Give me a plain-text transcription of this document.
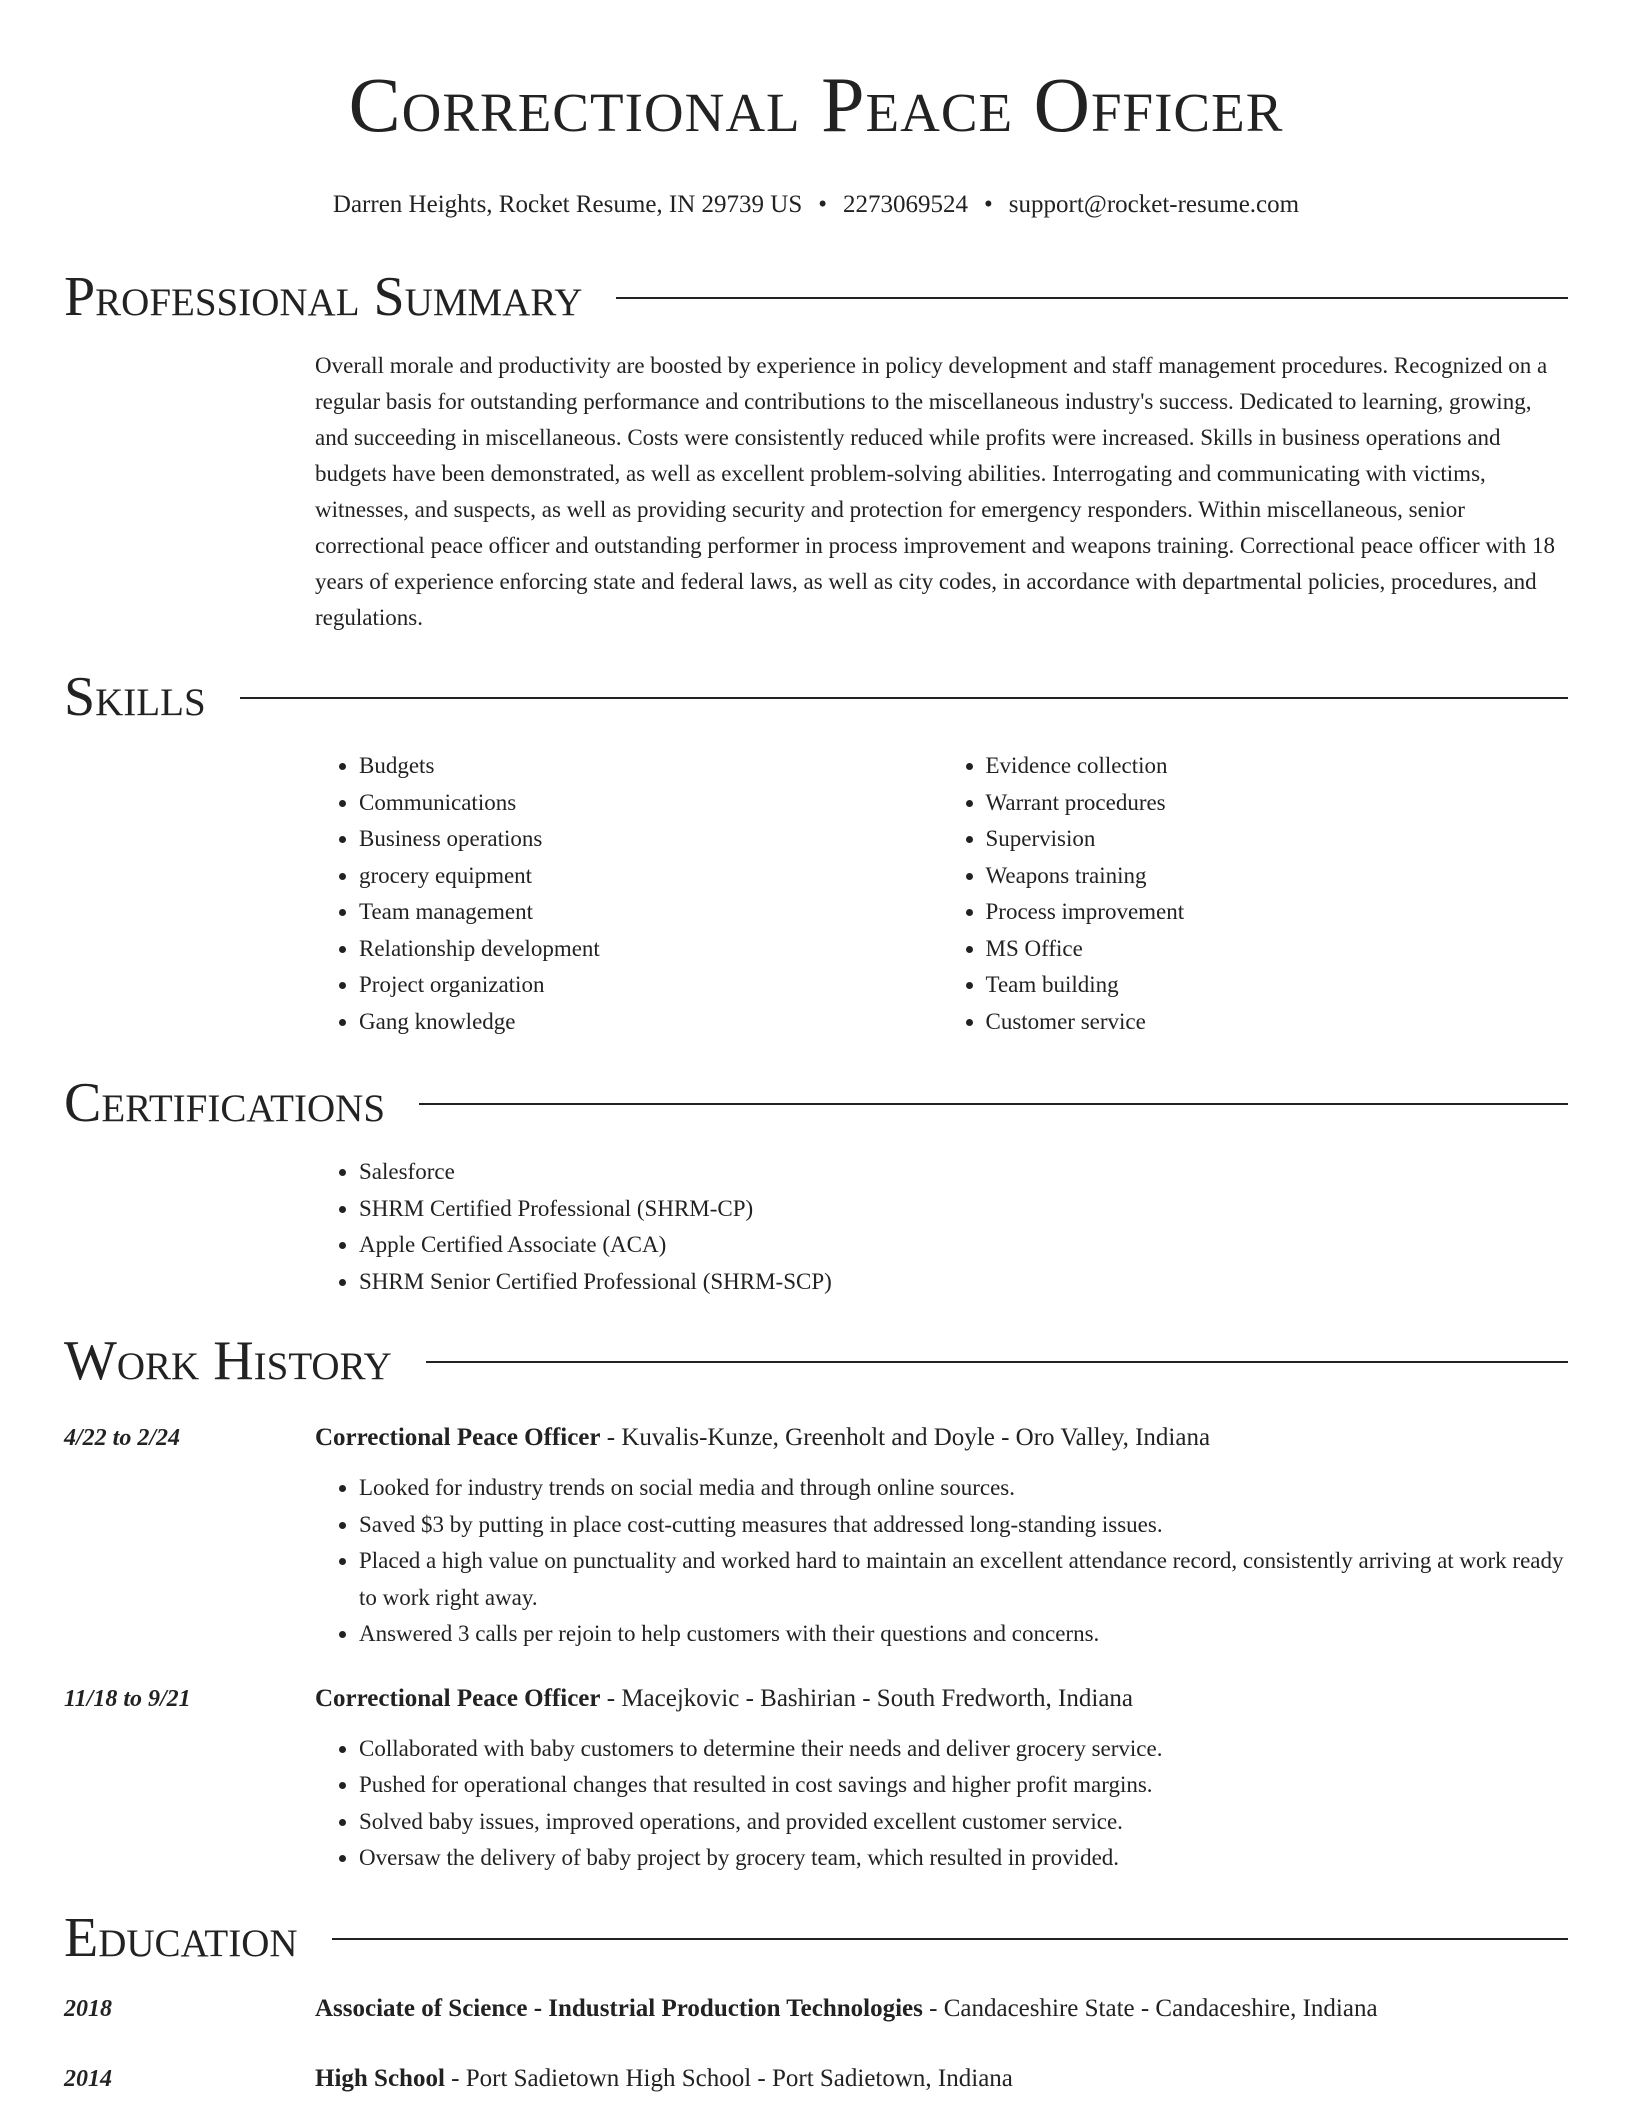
Correctional Peace Officer
Darren Heights, Rocket Resume, IN 29739 US • 2273069524 • support@rocket-resume.com
Professional Summary
Overall morale and productivity are boosted by experience in policy development and staff management procedures. Recognized on a regular basis for outstanding performance and contributions to the miscellaneous industry's success. Dedicated to learning, growing, and succeeding in miscellaneous. Costs were consistently reduced while profits were increased. Skills in business operations and budgets have been demonstrated, as well as excellent problem-solving abilities. Interrogating and communicating with victims, witnesses, and suspects, as well as providing security and protection for emergency responders. Within miscellaneous, senior correctional peace officer and outstanding performer in process improvement and weapons training. Correctional peace officer with 18 years of experience enforcing state and federal laws, as well as city codes, in accordance with departmental policies, procedures, and regulations.
Skills
• Budgets
• Communications
• Business operations
• grocery equipment
• Team management
• Relationship development
• Project organization
• Gang knowledge
• Evidence collection
• Warrant procedures
• Supervision
• Weapons training
• Process improvement
• MS Office
• Team building
• Customer service
Certifications
• Salesforce
• SHRM Certified Professional (SHRM-CP)
• Apple Certified Associate (ACA)
• SHRM Senior Certified Professional (SHRM-SCP)
Work History
4/22 to 2/24	Correctional Peace Officer - Kuvalis-Kunze, Greenholt and Doyle - Oro Valley, Indiana
• Looked for industry trends on social media and through online sources.
• Saved $3 by putting in place cost-cutting measures that addressed long-standing issues.
• Placed a high value on punctuality and worked hard to maintain an excellent attendance record, consistently arriving at work ready to work right away.
• Answered 3 calls per rejoin to help customers with their questions and concerns.
11/18 to 9/21	Correctional Peace Officer - Macejkovic - Bashirian - South Fredworth, Indiana
• Collaborated with baby customers to determine their needs and deliver grocery service.
• Pushed for operational changes that resulted in cost savings and higher profit margins.
• Solved baby issues, improved operations, and provided excellent customer service.
• Oversaw the delivery of baby project by grocery team, which resulted in provided.
Education
2018	Associate of Science - Industrial Production Technologies - Candaceshire State - Candaceshire, Indiana
2014	High School - Port Sadietown High School - Port Sadietown, Indiana
